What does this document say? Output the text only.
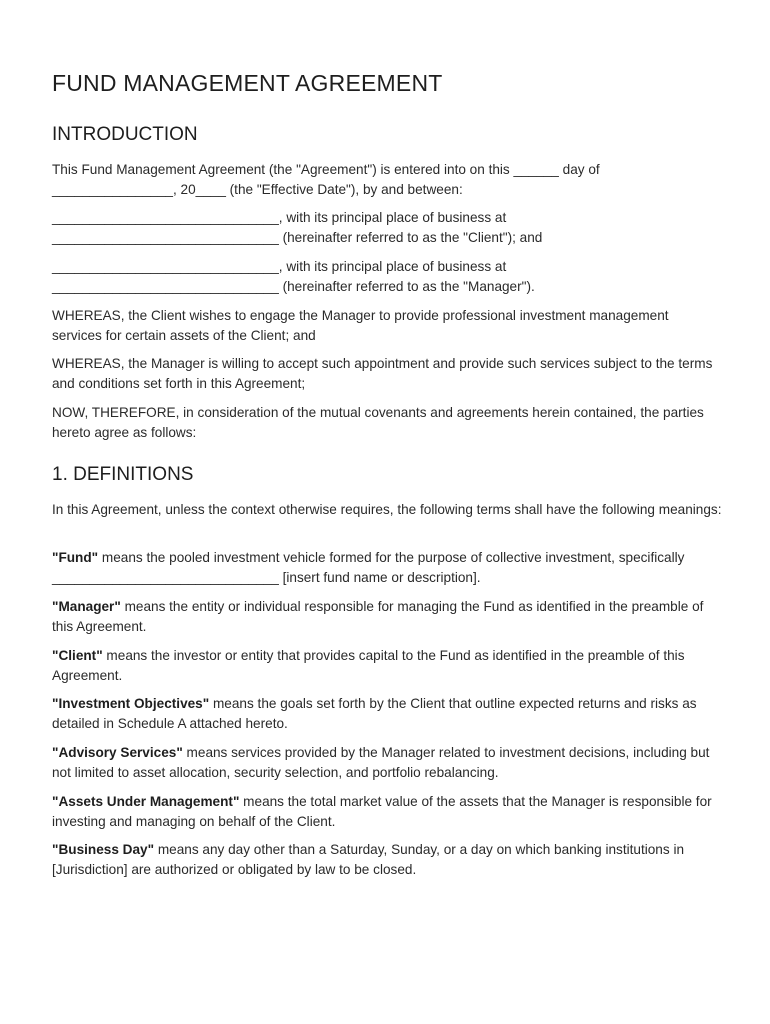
FUND MANAGEMENT AGREEMENT
INTRODUCTION

This Fund Management Agreement (the "Agreement") is entered into on this ______ day of ________________, 20____ (the "Effective Date"), by and between:

______________________________, with its principal place of business at ______________________________ (hereinafter referred to as the "Client"); and

______________________________, with its principal place of business at ______________________________ (hereinafter referred to as the "Manager").

WHEREAS, the Client wishes to engage the Manager to provide professional investment management services for certain assets of the Client; and

WHEREAS, the Manager is willing to accept such appointment and provide such services subject to the terms and conditions set forth in this Agreement;

NOW, THEREFORE, in consideration of the mutual covenants and agreements herein contained, the parties hereto agree as follows:

1. DEFINITIONS

In this Agreement, unless the context otherwise requires, the following terms shall have the following meanings:

"Fund" means the pooled investment vehicle formed for the purpose of collective investment, specifically ______________________________ [insert fund name or description].

"Manager" means the entity or individual responsible for managing the Fund as identified in the preamble of this Agreement.

"Client" means the investor or entity that provides capital to the Fund as identified in the preamble of this Agreement.

"Investment Objectives" means the goals set forth by the Client that outline expected returns and risks as detailed in Schedule A attached hereto.

"Advisory Services" means services provided by the Manager related to investment decisions, including but not limited to asset allocation, security selection, and portfolio rebalancing.

"Assets Under Management" means the total market value of the assets that the Manager is responsible for investing and managing on behalf of the Client.

"Business Day" means any day other than a Saturday, Sunday, or a day on which banking institutions in [Jurisdiction] are authorized or obligated by law to be closed.
